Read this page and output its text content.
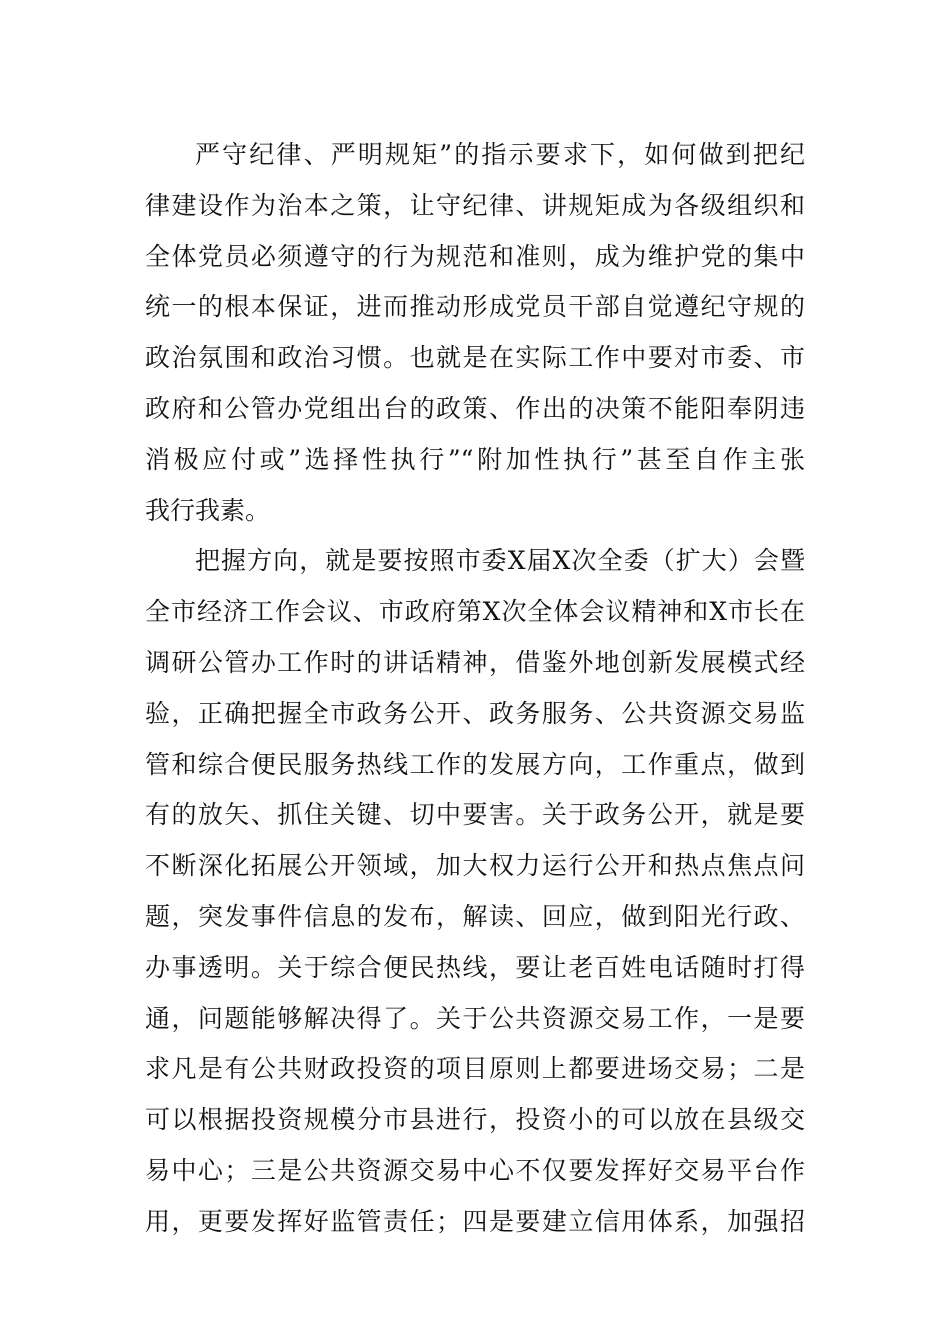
严守纪律、严明规矩”的指示要求下，如何做到把纪
律建设作为治本之策，让守纪律、讲规矩成为各级组织和
全体党员必须遵守的行为规范和准则，成为维护党的集中
统一的根本保证，进而推动形成党员干部自觉遵纪守规的
政治氛围和政治习惯。也就是在实际工作中要对市委、市
政府和公管办党组出台的政策、作出的决策不能阳奉阴违
消极应付或”选择性执行”“附加性执行”甚至自作主张
我行我素。
把握方向，就是要按照市委X届X次全委（扩大）会暨
全市经济工作会议、市政府第X次全体会议精神和X市长在
调研公管办工作时的讲话精神，借鉴外地创新发展模式经
验，正确把握全市政务公开、政务服务、公共资源交易监
管和综合便民服务热线工作的发展方向，工作重点，做到
有的放矢、抓住关键、切中要害。关于政务公开，就是要
不断深化拓展公开领域，加大权力运行公开和热点焦点问
题，突发事件信息的发布，解读、回应，做到阳光行政、
办事透明。关于综合便民热线，要让老百姓电话随时打得
通，问题能够解决得了。关于公共资源交易工作，一是要
求凡是有公共财政投资的项目原则上都要进场交易；二是
可以根据投资规模分市县进行，投资小的可以放在县级交
易中心；三是公共资源交易中心不仅要发挥好交易平台作
用，更要发挥好监管责任；四是要建立信用体系，加强招
